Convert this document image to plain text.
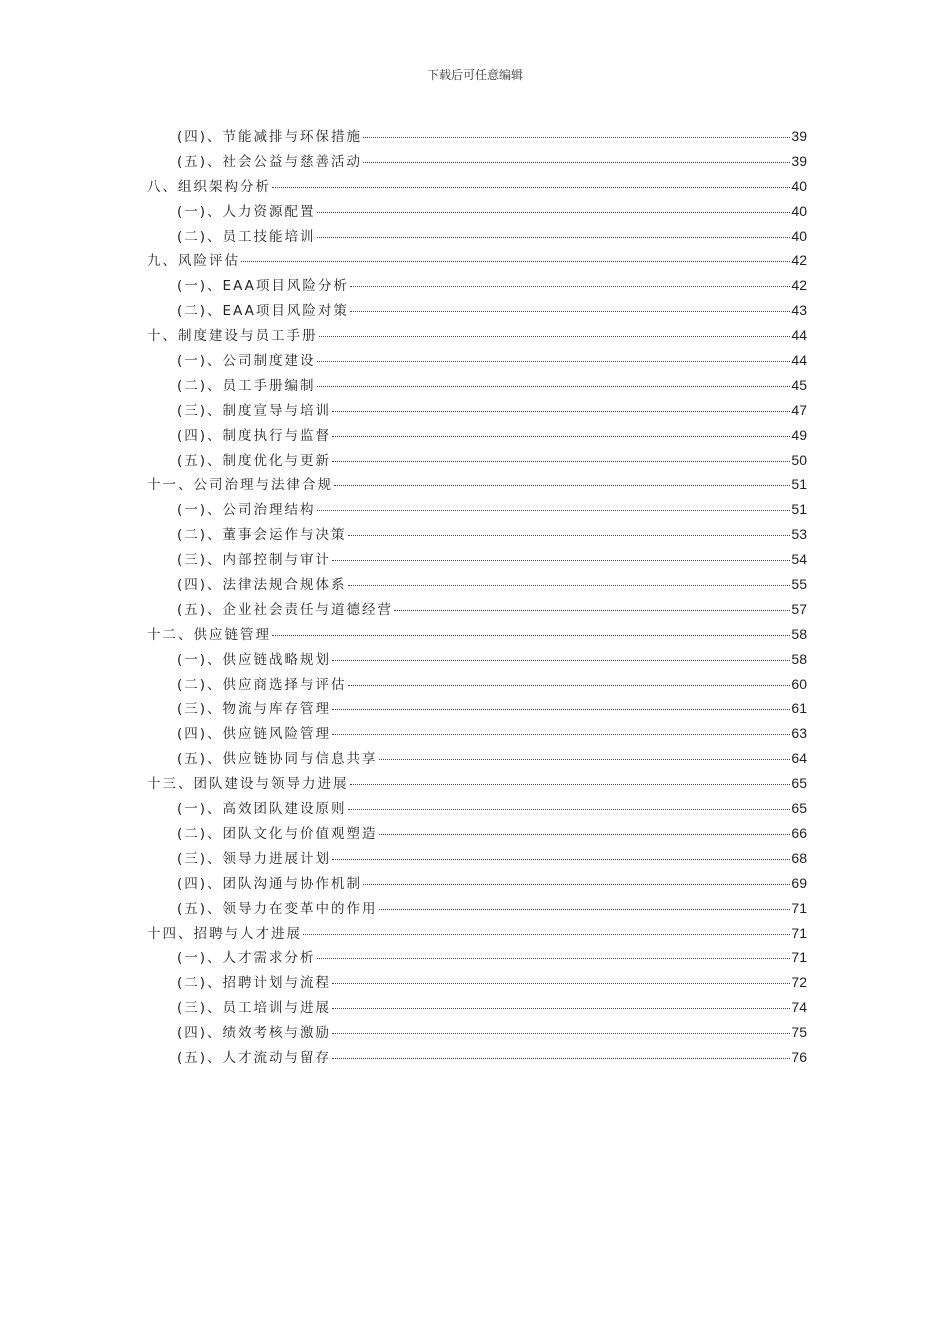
下载后可任意编辑
(四)、节能减排与环保措施	39
(五)、社会公益与慈善活动	39
八、组织架构分析	40
(一)、人力资源配置	40
(二)、员工技能培训	40
九、风险评估	42
(一)、EAA项目风险分析	42
(二)、EAA项目风险对策	43
十、制度建设与员工手册	44
(一)、公司制度建设	44
(二)、员工手册编制	45
(三)、制度宣导与培训	47
(四)、制度执行与监督	49
(五)、制度优化与更新	50
十一、公司治理与法律合规	51
(一)、公司治理结构	51
(二)、董事会运作与决策	53
(三)、内部控制与审计	54
(四)、法律法规合规体系	55
(五)、企业社会责任与道德经营	57
十二、供应链管理	58
(一)、供应链战略规划	58
(二)、供应商选择与评估	60
(三)、物流与库存管理	61
(四)、供应链风险管理	63
(五)、供应链协同与信息共享	64
十三、团队建设与领导力进展	65
(一)、高效团队建设原则	65
(二)、团队文化与价值观塑造	66
(三)、领导力进展计划	68
(四)、团队沟通与协作机制	69
(五)、领导力在变革中的作用	71
十四、招聘与人才进展	71
(一)、人才需求分析	71
(二)、招聘计划与流程	72
(三)、员工培训与进展	74
(四)、绩效考核与激励	75
(五)、人才流动与留存	76
